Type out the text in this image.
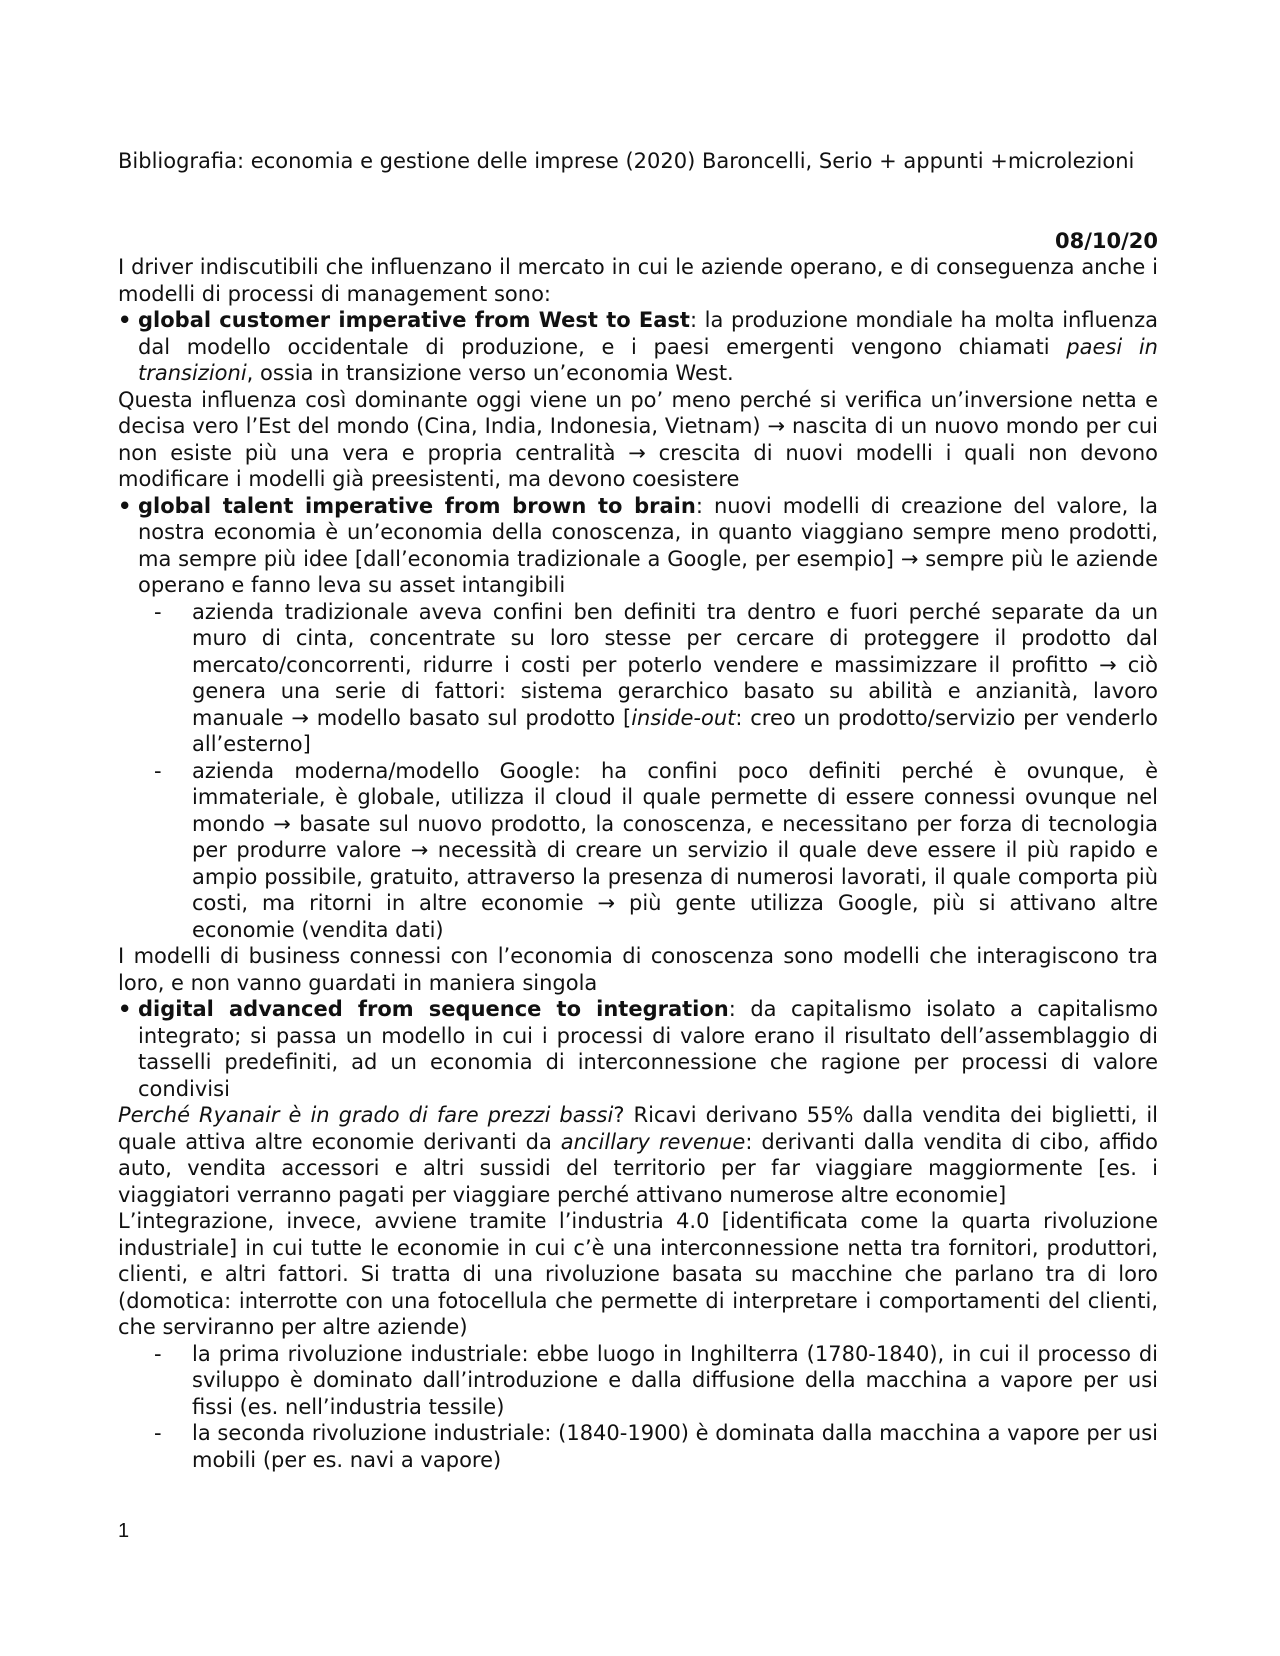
Bibliografia: economia e gestione delle imprese (2020) Baroncelli, Serio + appunti +microlezioni

08/10/20

I driver indiscutibili che influenzano il mercato in cui le aziende operano, e di conseguenza anche i modelli di processi di management sono:

• global customer imperative from West to East: la produzione mondiale ha molta influenza dal modello occidentale di produzione, e i paesi emergenti vengono chiamati paesi in transizioni, ossia in transizione verso un’economia West.

Questa influenza così dominante oggi viene un po’ meno perché si verifica un’inversione netta e decisa vero l’Est del mondo (Cina, India, Indonesia, Vietnam) → nascita di un nuovo mondo per cui non esiste più una vera e propria centralità → crescita di nuovi modelli i quali non devono modificare i modelli già preesistenti, ma devono coesistere

• global talent imperative from brown to brain: nuovi modelli di creazione del valore, la nostra economia è un’economia della conoscenza, in quanto viaggiano sempre meno prodotti, ma sempre più idee [dall’economia tradizionale a Google, per esempio] → sempre più le aziende operano e fanno leva su asset intangibili

- azienda tradizionale aveva confini ben definiti tra dentro e fuori perché separate da un muro di cinta, concentrate su loro stesse per cercare di proteggere il prodotto dal mercato/concorrenti, ridurre i costi per poterlo vendere e massimizzare il profitto → ciò genera una serie di fattori: sistema gerarchico basato su abilità e anzianità, lavoro manuale → modello basato sul prodotto [inside-out: creo un prodotto/servizio per venderlo all’esterno]

- azienda moderna/modello Google: ha confini poco definiti perché è ovunque, è immateriale, è globale, utilizza il cloud il quale permette di essere connessi ovunque nel mondo → basate sul nuovo prodotto, la conoscenza, e necessitano per forza di tecnologia per produrre valore → necessità di creare un servizio il quale deve essere il più rapido e ampio possibile, gratuito, attraverso la presenza di numerosi lavorati, il quale comporta più costi, ma ritorni in altre economie → più gente utilizza Google, più si attivano altre economie (vendita dati)

I modelli di business connessi con l’economia di conoscenza sono modelli che interagiscono tra loro, e non vanno guardati in maniera singola

• digital advanced from sequence to integration: da capitalismo isolato a capitalismo integrato; si passa un modello in cui i processi di valore erano il risultato dell’assemblaggio di tasselli predefiniti, ad un economia di interconnessione che ragione per processi di valore condivisi

Perché Ryanair è in grado di fare prezzi bassi? Ricavi derivano 55% dalla vendita dei biglietti, il quale attiva altre economie derivanti da ancillary revenue: derivanti dalla vendita di cibo, affido auto, vendita accessori e altri sussidi del territorio per far viaggiare maggiormente [es. i viaggiatori verranno pagati per viaggiare perché attivano numerose altre economie]

L’integrazione, invece, avviene tramite l’industria 4.0 [identificata come la quarta rivoluzione industriale] in cui tutte le economie in cui c’è una interconnessione netta tra fornitori, produttori, clienti, e altri fattori. Si tratta di una rivoluzione basata su macchine che parlano tra di loro (domotica: interrotte con una fotocellula che permette di interpretare i comportamenti del clienti, che serviranno per altre aziende)

- la prima rivoluzione industriale: ebbe luogo in Inghilterra (1780-1840), in cui il processo di sviluppo è dominato dall’introduzione e dalla diffusione della macchina a vapore per usi fissi (es. nell’industria tessile)

- la seconda rivoluzione industriale: (1840-1900) è dominata dalla macchina a vapore per usi mobili (per es. navi a vapore)

1
